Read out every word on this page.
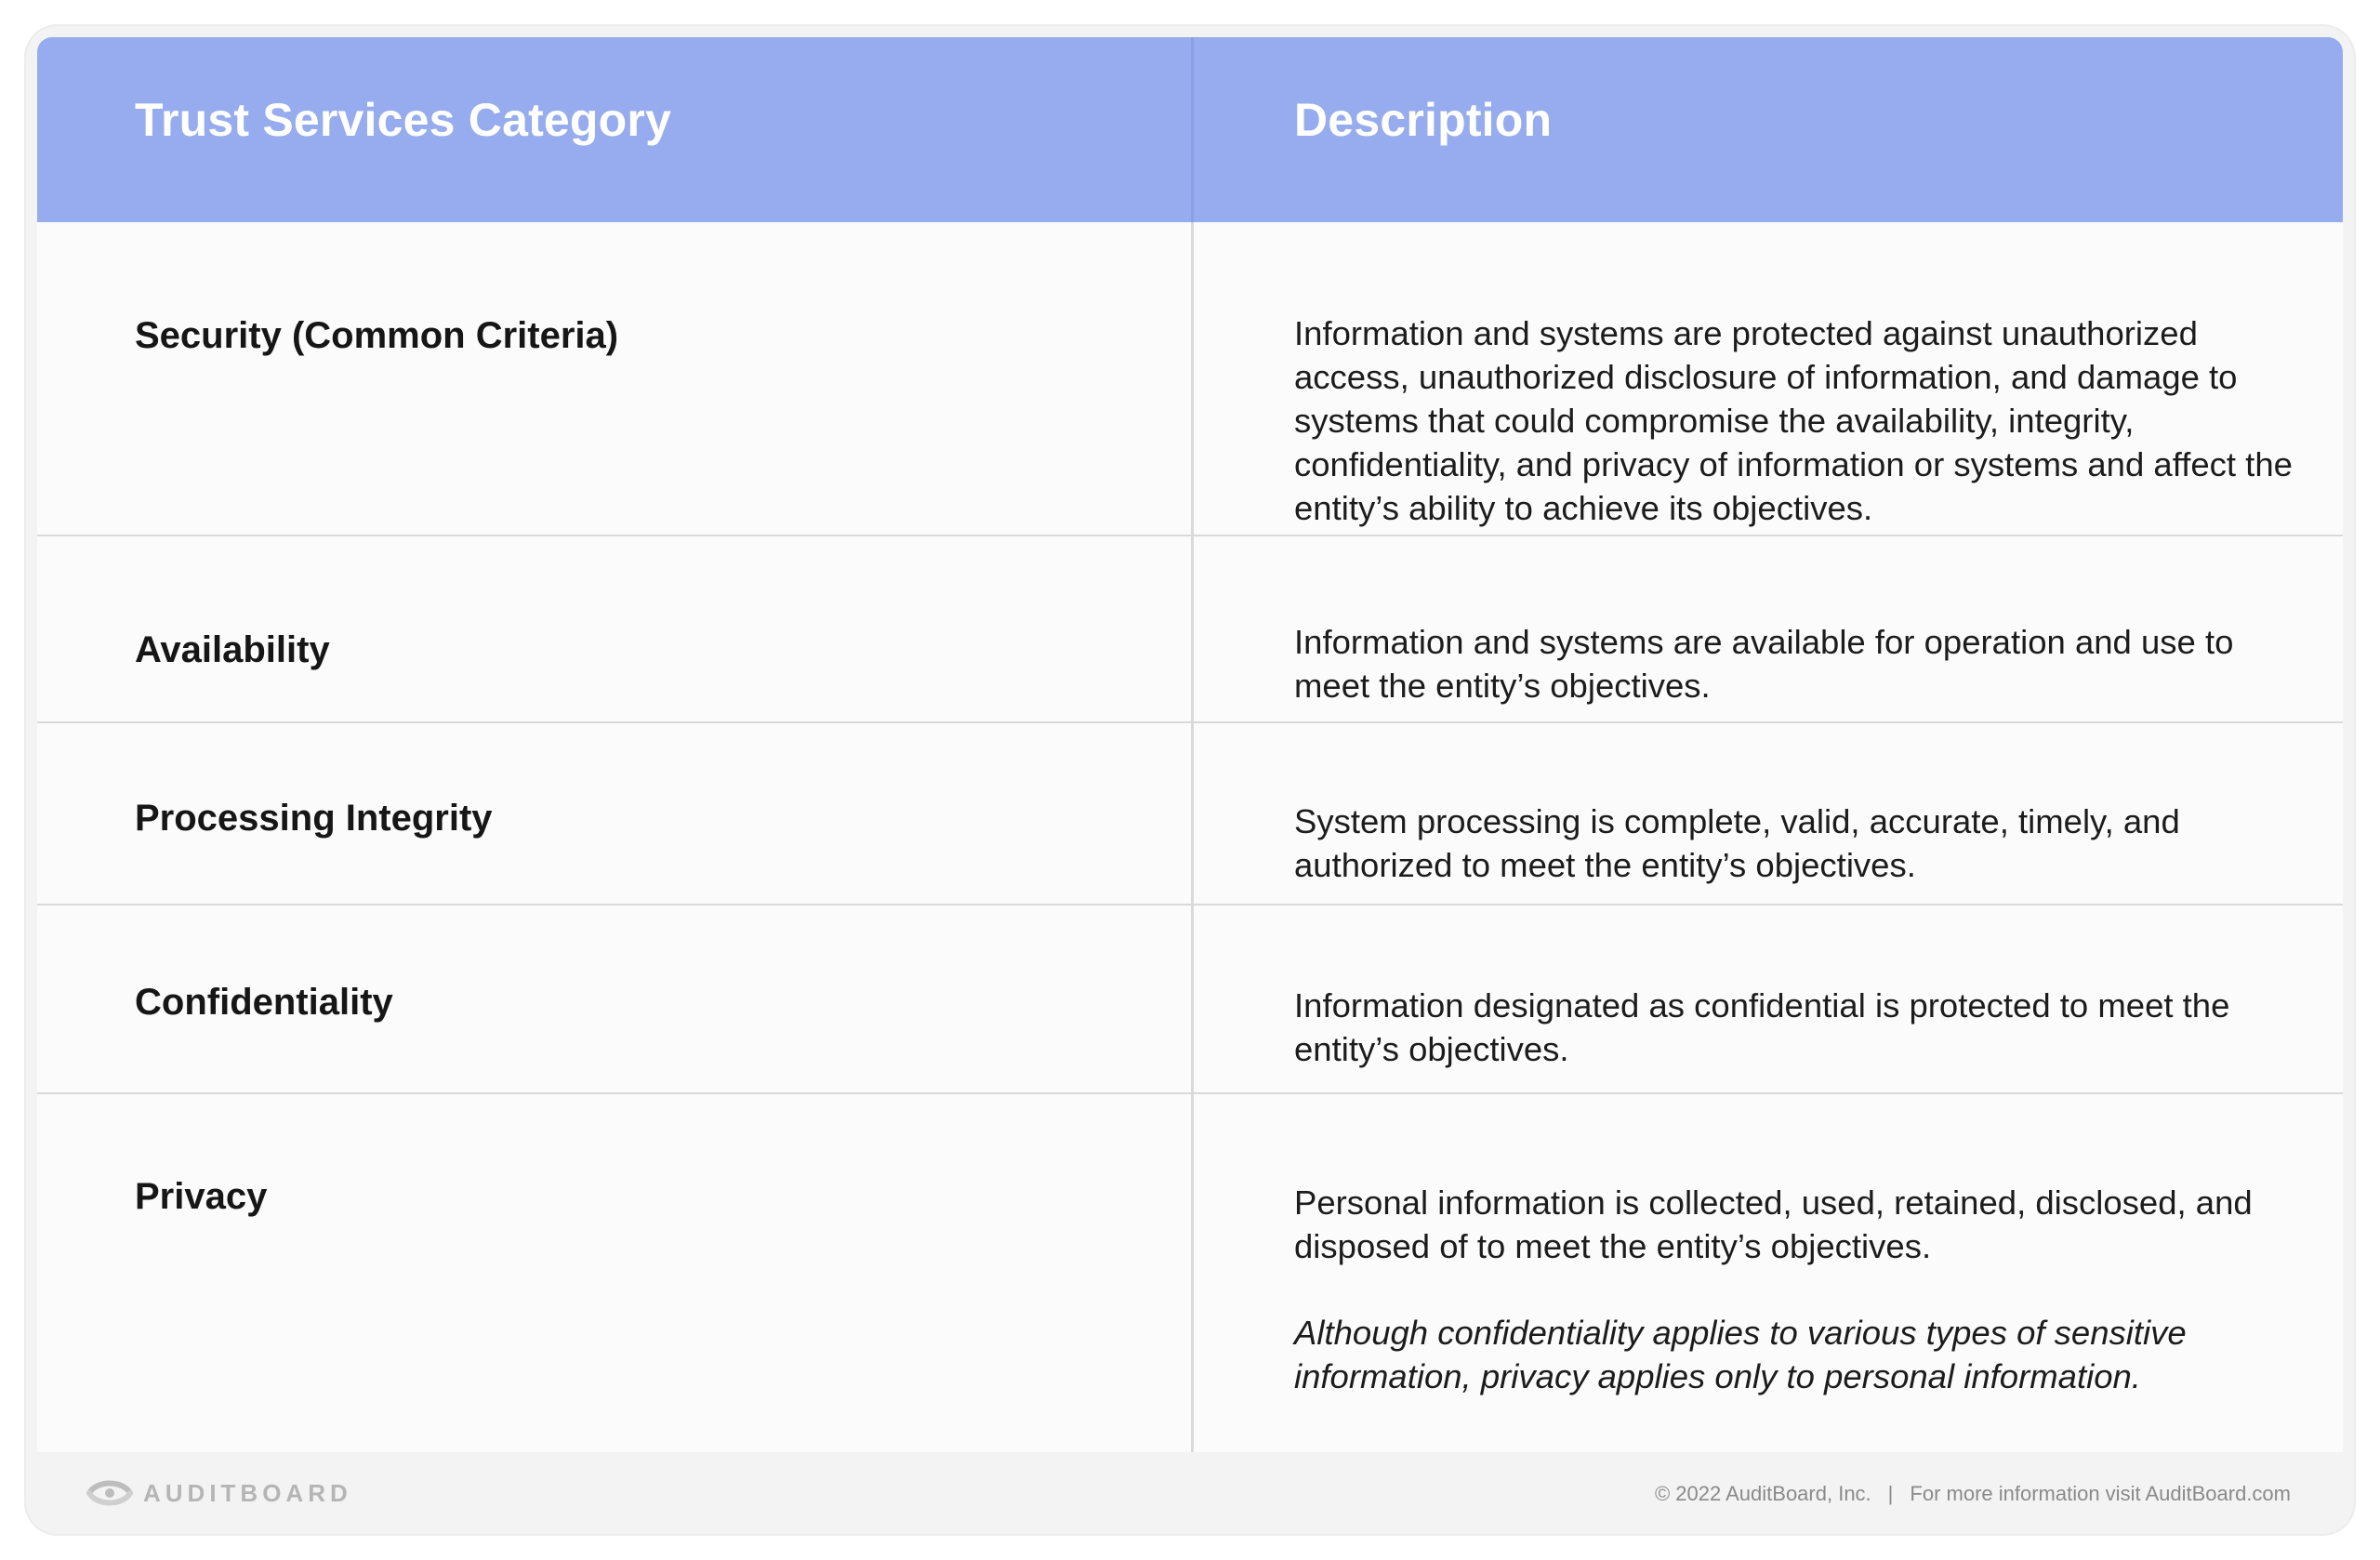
Trust Services Category	Description
Security (Common Criteria)	Information and systems are protected against unauthorized access, unauthorized disclosure of information, and damage to systems that could compromise the availability, integrity, confidentiality, and privacy of information or systems and affect the entity’s ability to achieve its objectives.
Availability	Information and systems are available for operation and use to meet the entity’s objectives.
Processing Integrity	System processing is complete, valid, accurate, timely, and authorized to meet the entity’s objectives.
Confidentiality	Information designated as confidential is protected to meet the entity’s objectives.
Privacy	Personal information is collected, used, retained, disclosed, and disposed of to meet the entity’s objectives.
Although confidentiality applies to various types of sensitive information, privacy applies only to personal information.
AUDITBOARD	© 2022 AuditBoard, Inc. | For more information visit AuditBoard.com
